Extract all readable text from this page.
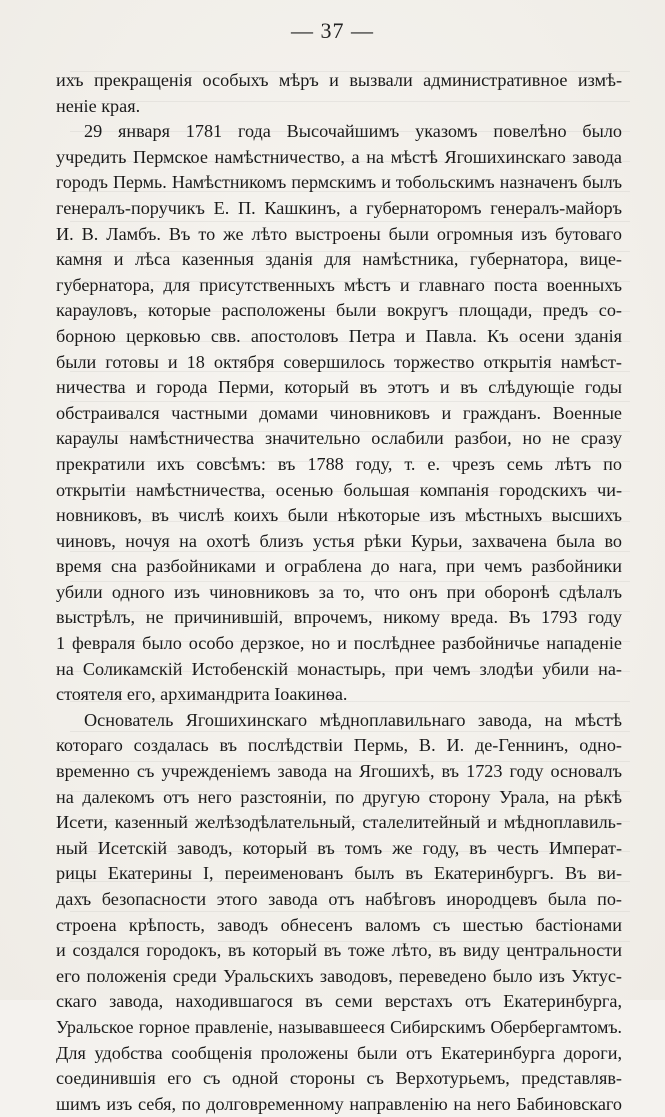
— 37 —
ихъ прекращенія особыхъ мѣръ и вызвали административное измѣ-
неніе края.
29 января 1781 года Высочайшимъ указомъ повелѣно было
учредить Пермское намѣстничество, а на мѣстѣ Ягошихинскаго завода
городъ Пермь. Намѣстникомъ пермскимъ и тобольскимъ назначенъ былъ
генералъ-поручикъ Е. П. Кашкинъ, а губернаторомъ генералъ-майоръ
И. В. Ламбъ. Въ то же лѣто выстроены были огромныя изъ бутоваго
камня и лѣса казенныя зданія для намѣстника, губернатора, вице-
губернатора, для присутственныхъ мѣстъ и главнаго поста военныхъ
карауловъ, которые расположены были вокругъ площади, предъ со-
борною церковью свв. апостоловъ Петра и Павла. Къ осени зданія
были готовы и 18 октября совершилось торжество открытія намѣст-
ничества и города Перми, который въ этотъ и въ слѣдующіе годы
обстраивался частными домами чиновниковъ и гражданъ. Военные
караулы намѣстничества значительно ослабили разбои, но не сразу
прекратили ихъ совсѣмъ: въ 1788 году, т. е. чрезъ семь лѣтъ по
открытіи намѣстничества, осенью большая компанія городскихъ чи-
новниковъ, въ числѣ коихъ были нѣкоторые изъ мѣстныхъ высшихъ
чиновъ, ночуя на охотѣ близъ устья рѣки Курьи, захвачена была во
время сна разбойниками и ограблена до нага, при чемъ разбойники
убили одного изъ чиновниковъ за то, что онъ при оборонѣ сдѣлалъ
выстрѣлъ, не причинившій, впрочемъ, никому вреда. Въ 1793 году
1 февраля было особо дерзкое, но и послѣднее разбойничье нападеніе
на Соликамскій Истобенскій монастырь, при чемъ злодѣи убили на-
стоятеля его, архимандрита Іоакинѳа.
Основатель Ягошихинскаго мѣдноплавильнаго завода, на мѣстѣ
котораго создалась въ послѣдствіи Пермь, В. И. де-Геннинъ, одно-
временно съ учрежденіемъ завода на Ягошихѣ, въ 1723 году основалъ
на далекомъ отъ него разстояніи, по другую сторону Урала, на рѣкѣ
Исети, казенный желѣзодѣлательный, сталелитейный и мѣдноплавиль-
ный Исетскій заводъ, который въ томъ же году, въ честь Императ-
рицы Екатерины I, переименованъ былъ въ Екатеринбургъ. Въ ви-
дахъ безопасности этого завода отъ набѣговъ инородцевъ была по-
строена крѣпость, заводъ обнесенъ валомъ съ шестью бастіонами
и создался городокъ, въ который въ тоже лѣто, въ виду центральности
его положенія среди Уральскихъ заводовъ, переведено было изъ Уктус-
скаго завода, находившагося въ семи верстахъ отъ Екатеринбурга,
Уральское горное правленіе, называвшееся Сибирскимъ Обербергамтомъ.
Для удобства сообщенія проложены были отъ Екатеринбурга дороги,
соединившія его съ одной стороны съ Верхотурьемъ, представляв-
шимъ изъ себя, по долговременному направленію на него Бабиновскаго
